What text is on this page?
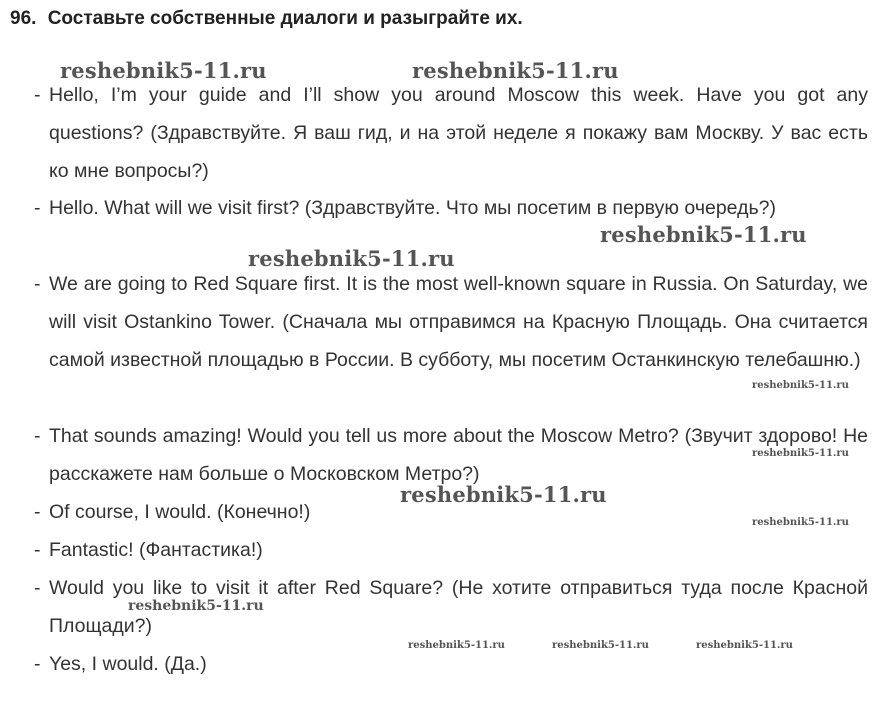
96. Составьте собственные диалоги и разыграйте их.
reshebnik5-11.ru	reshebnik5-11.ru
reshebnik5-11.ru
reshebnik5-11.ru
reshebnik5-11.ru
reshebnik5-11.ru
reshebnik5-11.ru
reshebnik5-11.ru
reshebnik5-11.ru
reshebnik5-11.ru	reshebnik5-11.ru	reshebnik5-11.ru
- Hello, I’m your guide and I’ll show you around Moscow this week. Have you got any questions? (Здравствуйте. Я ваш гид, и на этой неделе я покажу вам Москву. У вас есть ко мне вопросы?)
- Hello. What will we visit first? (Здравствуйте. Что мы посетим в первую очередь?)
- We are going to Red Square first. It is the most well-known square in Russia. On Saturday, we will visit Ostankino Tower. (Сначала мы отправимся на Красную Площадь. Она считается самой известной площадью в России. В субботу, мы посетим Останкинскую телебашню.)
- That sounds amazing! Would you tell us more about the Moscow Metro? (Звучит здорово! Не расскажете нам больше о Московском Метро?)
- Of course, I would. (Конечно!)
- Fantastic! (Фантастика!)
- Would you like to visit it after Red Square? (Не хотите отправиться туда после Красной Площади?)
- Yes, I would. (Да.)
